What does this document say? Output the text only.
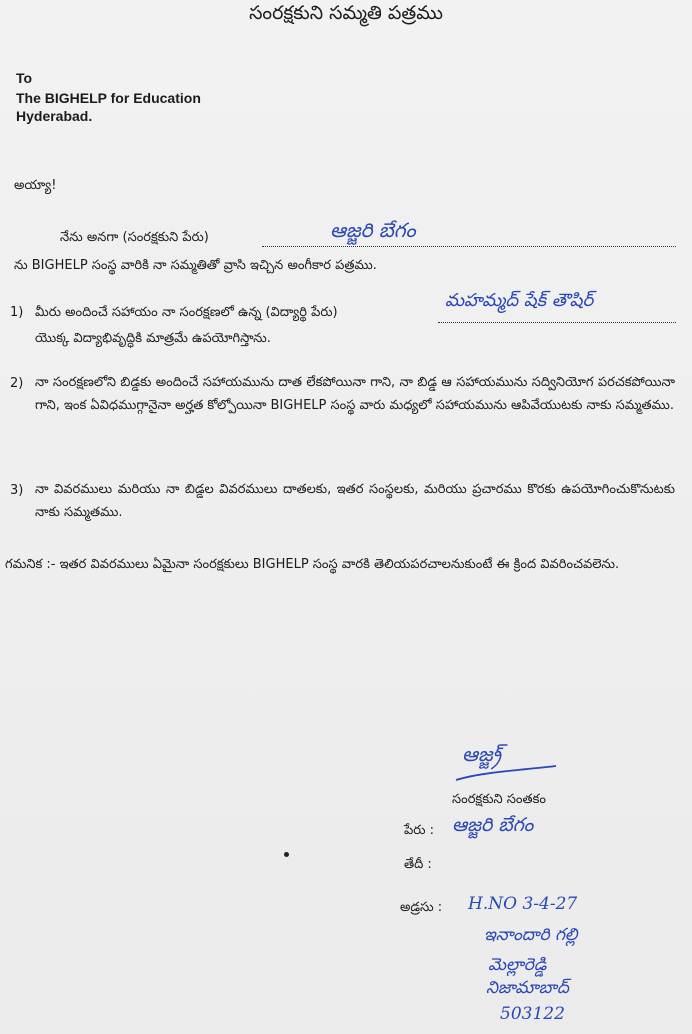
సంరక్షకుని సమ్మతి పత్రము
To
The BIGHELP for Education
Hyderabad.
అయ్యా!
నేను అనగా (సంరక్షకుని పేరు)	ఆజ్జరి బేగం
ను BIGHELP సంస్థ వారికి నా సమ్మతితో వ్రాసి ఇచ్చిన అంగీకార పత్రము.
1) మీరు అందించే సహాయం నా సంరక్షణలో ఉన్న (విద్యార్థి పేరు)
మహమ్మద్ షేక్ తౌషిర్
యొక్క విద్యాభివృద్ధికి మాత్రమే ఉపయోగిస్తాను.
2) నా సంరక్షణలోని బిడ్డకు అందించే సహాయమును దాత లేకపోయినా గాని, నా బిడ్డ ఆ సహాయమును సద్వినియోగ పరచకపోయినా గాని, ఇంక ఏవిధముగ్గానైనా అర్హత కోల్పోయినా BIGHELP సంస్థ వారు మధ్యలో సహాయమును ఆపివేయుటకు నాకు సమ్మతము.
3) నా వివరములు మరియు నా బిడ్డల వివరములు దాతలకు, ఇతర సంస్థలకు, మరియు ప్రచారము కొరకు ఉపయోగించుకొనుటకు నాకు సమ్మతము.
గమనిక :- ఇతర వివరములు ఏమైనా సంరక్షకులు BIGHELP సంస్థ వారకి తెలియపరచాలనుకుంటే ఈ క్రింద వివరించవలెను.
ఆజ్జ్ర్
సంరక్షకుని సంతకం
పేరు : ఆజ్జరి బేగం
తేదీ :
అడ్రసు : H.NO 3-4-27
ఇనాందారి గల్లి
మెల్లారెడ్డి
నిజామాబాద్
503122
